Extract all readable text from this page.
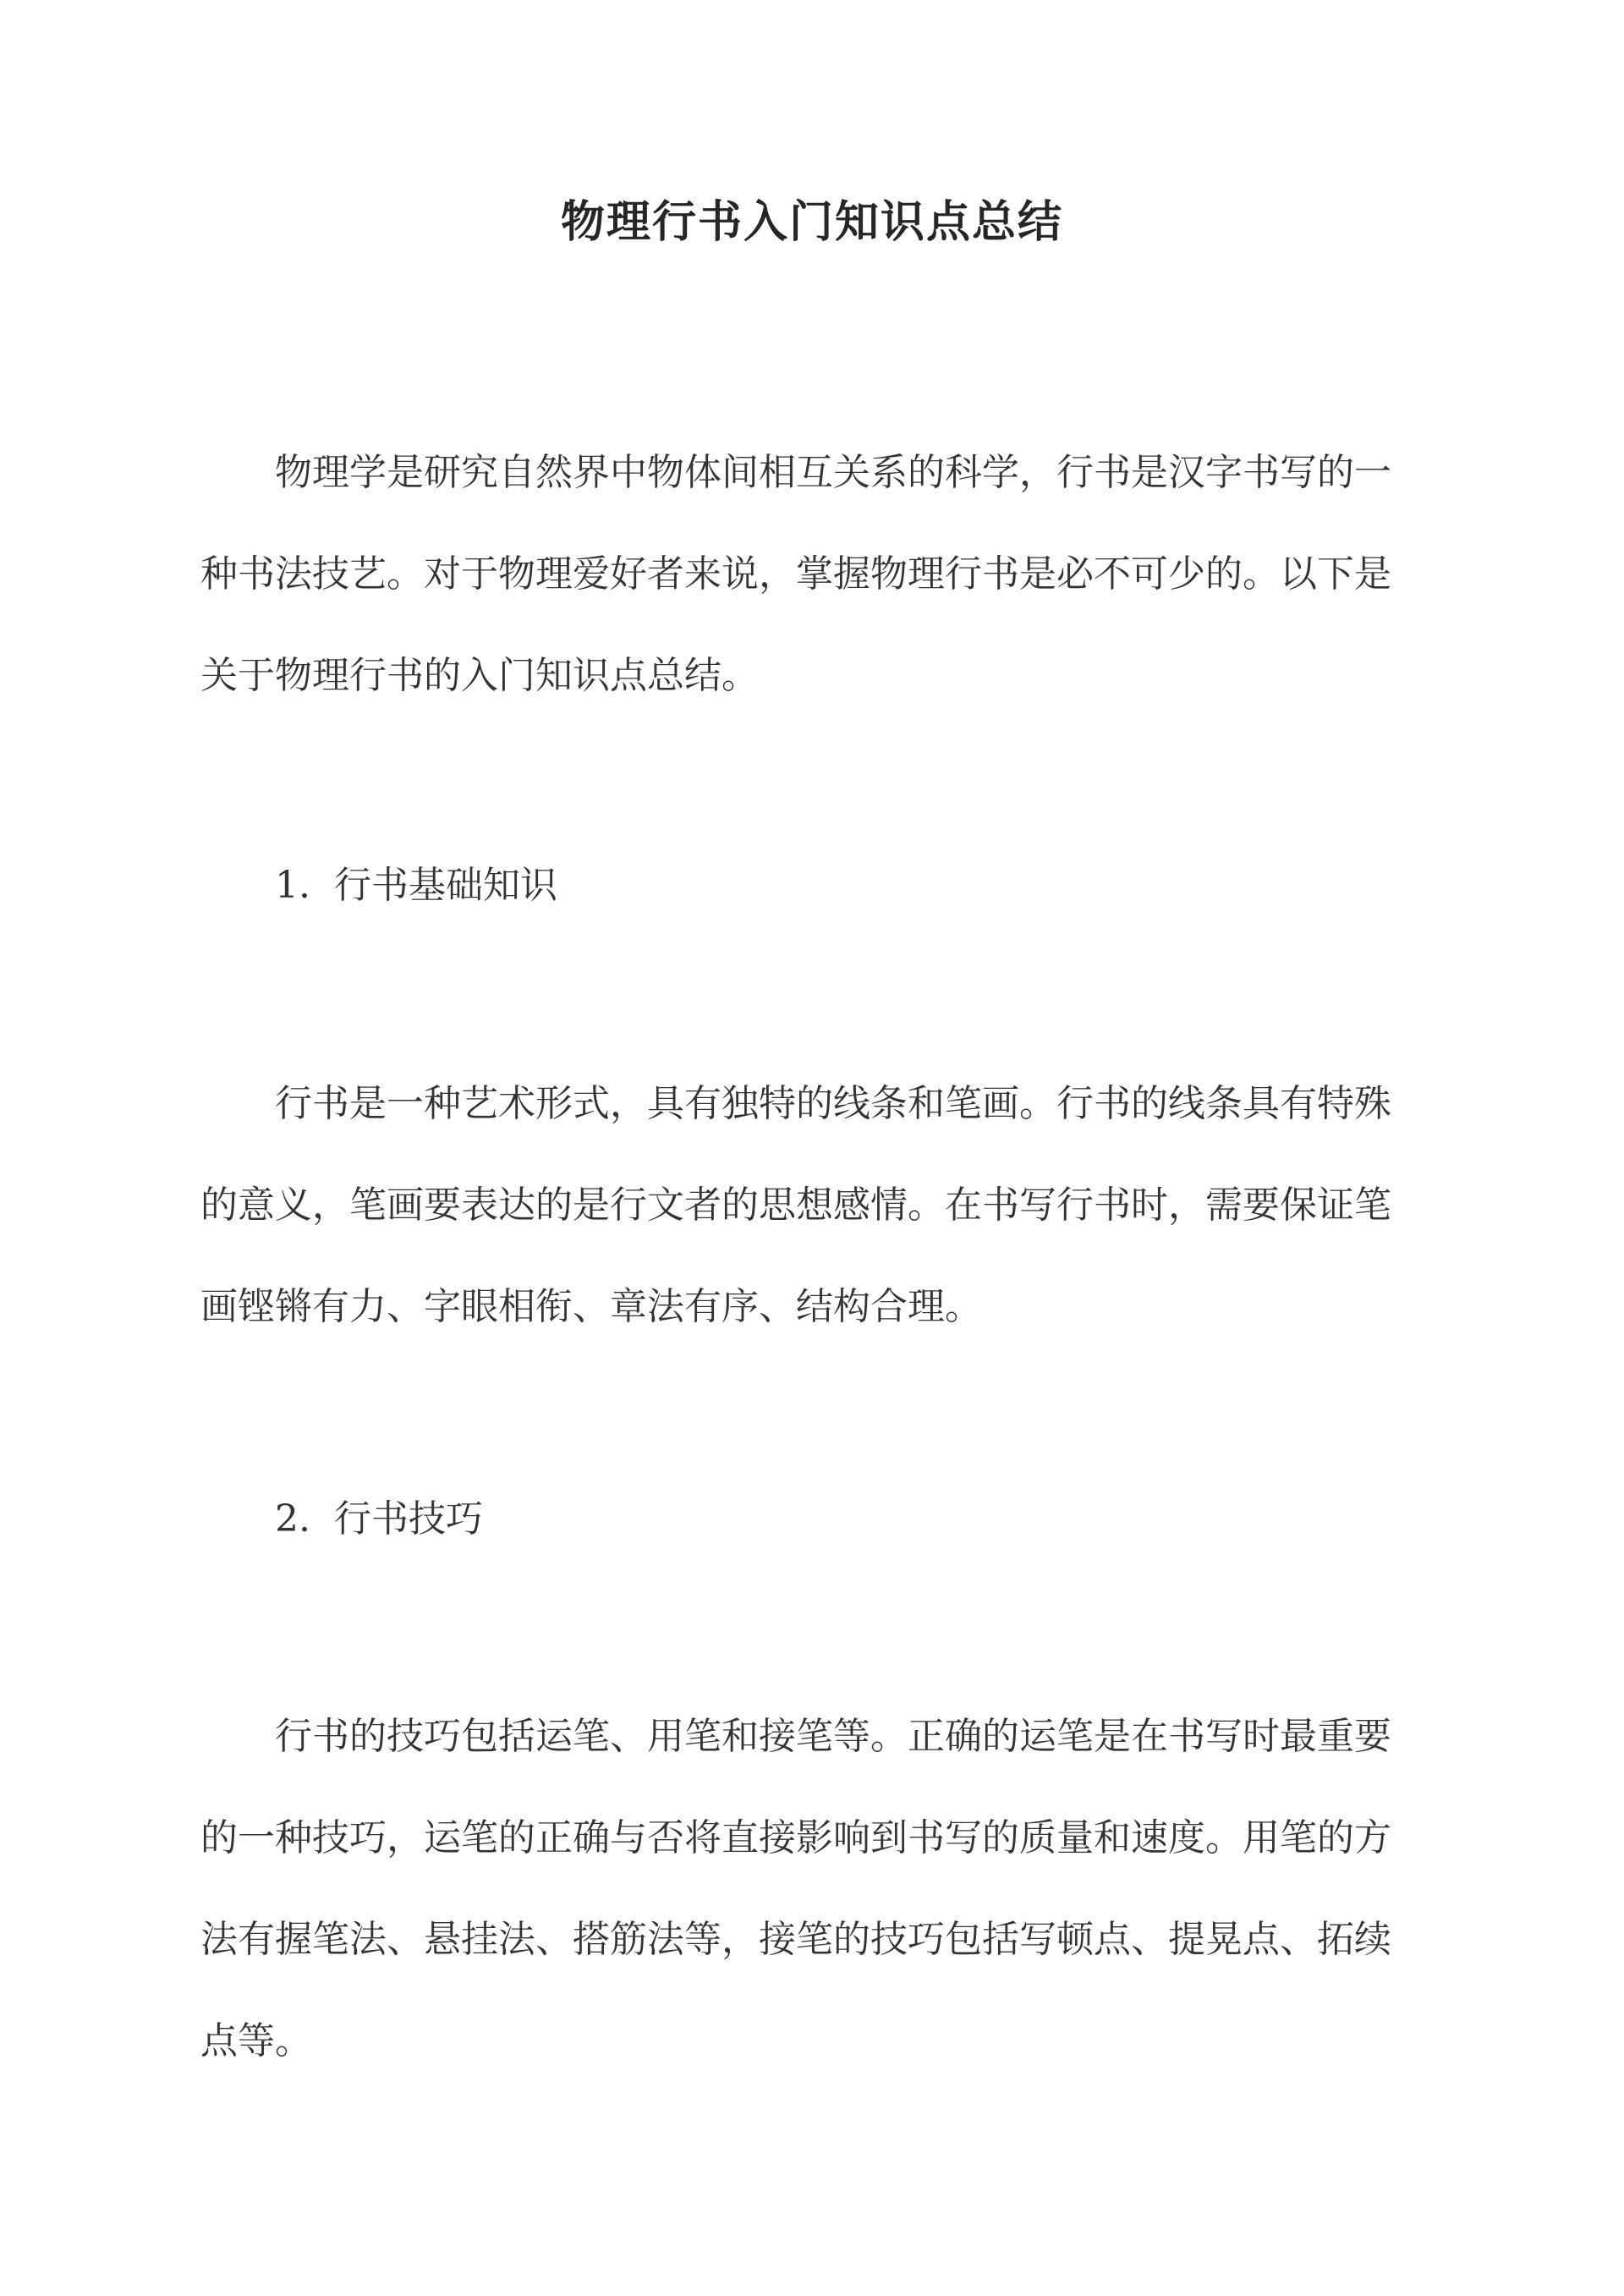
物理行书入门知识点总结

物理学是研究自然界中物体间相互关系的科学，行书是汉字书写的一种书法技艺。对于物理爱好者来说，掌握物理行书是必不可少的。以下是关于物理行书的入门知识点总结。

1. 行书基础知识

行书是一种艺术形式，具有独特的线条和笔画。行书的线条具有特殊的意义，笔画要表达的是行文者的思想感情。在书写行书时，需要保证笔画铿锵有力、字眼相衔、章法有序、结构合理。

2. 行书技巧

行书的技巧包括运笔、用笔和接笔等。正确的运笔是在书写时最重要的一种技巧，运笔的正确与否将直接影响到书写的质量和速度。用笔的方法有握笔法、悬挂法、搭筋法等，接笔的技巧包括写顿点、提晃点、拓续点等。
